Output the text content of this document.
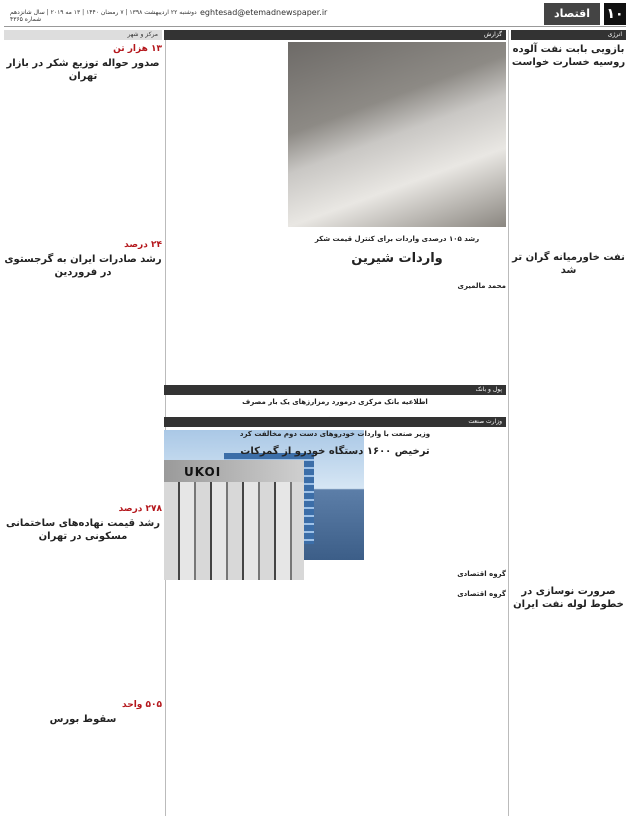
۱۰
اقتصاد
eghtesad@etemadnewspaper.ir
دوشنبه ۲۲ اردیبهشت ۱۳۹۸ | ۷ رمضان ۱۴۴۰ | ۱۳ مه ۲۰۱۹ | سال شانزدهم شماره ۴۳۶۵
انرژی
بازویی بابت نفت آلوده روسیه خسارت خواست
نفت خاورمیانه گران تر شد
صرورت نوسازی در خطوط لوله نفت ایران
گزارش
رشد ۱۰۵ درصدی واردات برای کنترل قیمت شکر
واردات شیرین
محمد مالمیری
پول و بانک
اطلاعیه بانک مرکزی درمورد رمزارزهای یک بار مصرف
گروه اقتصادی
وزارت صنعت
وزیر صنعت با واردات خودروهای دست دوم مخالفت کرد
ترخیص ۱۶۰۰ دستگاه خودرو از گمرکات
UKOI
گروه اقتصادی
مرکز و شهر
۱۳ هزار تن
صدور حواله توزیع شکر در بازار تهران
۲۴ درصد
رشد صادرات ایران به گرجستوی در فروردین
۲۷۸ درصد
رشد قیمت نهاده‌های ساختمانی مسکونی در تهران
۵۰۵ واحد
سقوط بورس
